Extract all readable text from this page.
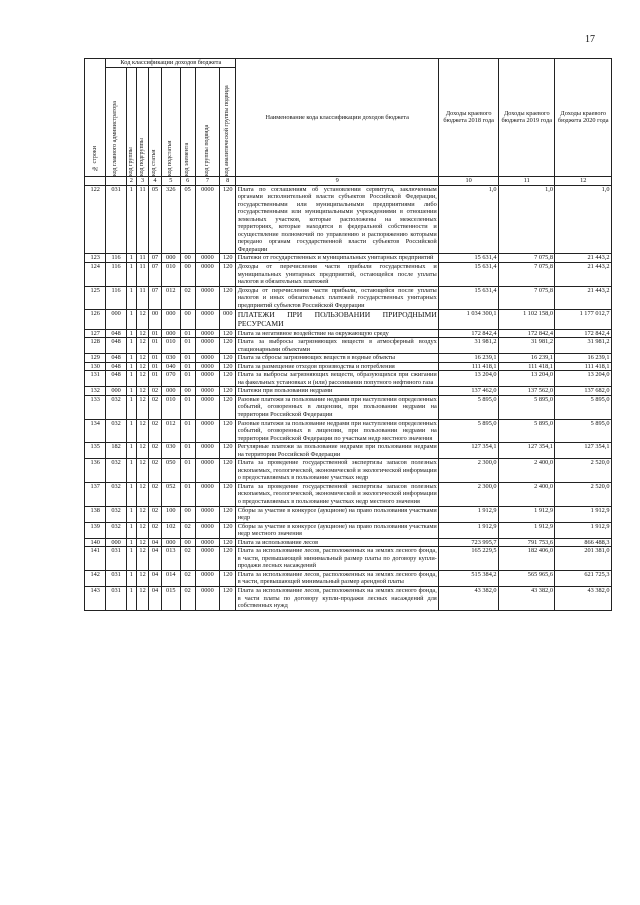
17
№ строки	Код классификации доходов бюджета								Наименование кода классификации доходов бюджета	Доходы краевого бюджета 2018 года	Доходы краевого бюджета 2019 года	Доходы краевого бюджета 2020 года

	код главного администратора	код группы	код подгруппы	код статьи	код подстатьи	код элемента	код группы подвида	код аналитической группы подвида				

		2	3	4	5	6	7	8	9	10	11	12
122	031	1	11	05	326	05	0000	120	Плата по соглашениям об установлении сервитута, заключенным органами исполнительной власти субъектов Российской Федерации, государственными или муниципальными предприятиями либо государственными или муниципальными учреждениями в отношении земельных участков, которые расположены на межселенных территориях, которые находятся в федеральной собственности и осуществление полномочий по управлению и распоряжению которыми передано органам государственной власти субъектов Российской Федерации	1,0	1,0	1,0
123	116	1	11	07	000	00	0000	120	Платежи от государственных и муниципальных унитарных предприятий	15 631,4	7 075,8	21 443,2
124	116	1	11	07	010	00	0000	120	Доходы от перечисления части прибыли государственных и муниципальных унитарных предприятий, остающейся после уплаты налогов и обязательных платежей	15 631,4	7 075,8	21 443,2
125	116	1	11	07	012	02	0000	120	Доходы от перечисления части прибыли, остающейся после уплаты налогов и иных обязательных платежей государственных унитарных предприятий субъектов Российской Федерации	15 631,4	7 075,8	21 443,2
126	000	1	12	00	000	00	0000	000	ПЛАТЕЖИ ПРИ ПОЛЬЗОВАНИИ ПРИРОДНЫМИ РЕСУРСАМИ	1 034 300,1	1 102 158,0	1 177 012,7
127	048	1	12	01	000	01	0000	120	Плата за негативное воздействие на окружающую среду	172 842,4	172 842,4	172 842,4
128	048	1	12	01	010	01	0000	120	Плата за выбросы загрязняющих веществ в атмосферный воздух стационарными объектами	31 981,2	31 981,2	31 981,2
129	048	1	12	01	030	01	0000	120	Плата за сбросы загрязняющих веществ в водные объекты	16 239,1	16 239,1	16 239,1
130	048	1	12	01	040	01	0000	120	Плата за размещение отходов производства и потребления	111 418,1	111 418,1	111 418,1
131	048	1	12	01	070	01	0000	120	Плата за выбросы загрязняющих веществ, образующихся при сжигании на факельных установках и (или) рассеивании попутного нефтяного газа	13 204,0	13 204,0	13 204,0
132	000	1	12	02	000	00	0000	120	Платежи при пользовании недрами	137 462,0	137 562,0	137 682,0
133	032	1	12	02	010	01	0000	120	Разовые платежи за пользование недрами при наступлении определенных событий, оговоренных в лицензии, при пользовании недрами на территории Российской Федерации	5 895,0	5 895,0	5 895,0
134	032	1	12	02	012	01	0000	120	Разовые платежи за пользование недрами при наступлении определенных событий, оговоренных в лицензии, при пользовании недрами на территории Российской Федерации по участкам недр местного значения	5 895,0	5 895,0	5 895,0
135	182	1	12	02	030	01	0000	120	Регулярные платежи за пользование недрами при пользовании недрами на территории Российской Федерации	127 354,1	127 354,1	127 354,1
136	032	1	12	02	050	01	0000	120	Плата за проведение государственной экспертизы запасов полезных ископаемых, геологической, экономической и экологической информации о предоставляемых в пользование участках недр	2 300,0	2 400,0	2 520,0
137	032	1	12	02	052	01	0000	120	Плата за проведение государственной экспертизы запасов полезных ископаемых, геологической, экономической и экологической информации о предоставляемых в пользование участках недр местного значения	2 300,0	2 400,0	2 520,0
138	032	1	12	02	100	00	0000	120	Сборы за участие в конкурсе (аукционе) на право пользования участками недр	1 912,9	1 912,9	1 912,9
139	032	1	12	02	102	02	0000	120	Сборы за участие в конкурсе (аукционе) на право пользования участками недр местного значения	1 912,9	1 912,9	1 912,9
140	000	1	12	04	000	00	0000	120	Плата за использование лесов	723 995,7	791 753,6	866 488,3
141	031	1	12	04	013	02	0000	120	Плата за использование лесов, расположенных на землях лесного фонда, в части, превышающей минимальный размер платы по договору купли-продажи лесных насаждений	165 229,5	182 406,0	201 381,0
142	031	1	12	04	014	02	0000	120	Плата за использование лесов, расположенных на землях лесного фонда, в части, превышающей минимальный размер арендной платы	515 384,2	565 965,6	621 725,3
143	031	1	12	04	015	02	0000	120	Плата за использование лесов, расположенных на землях лесного фонда, в части платы по договору купли-продажи лесных насаждений для собственных нужд	43 382,0	43 382,0	43 382,0
